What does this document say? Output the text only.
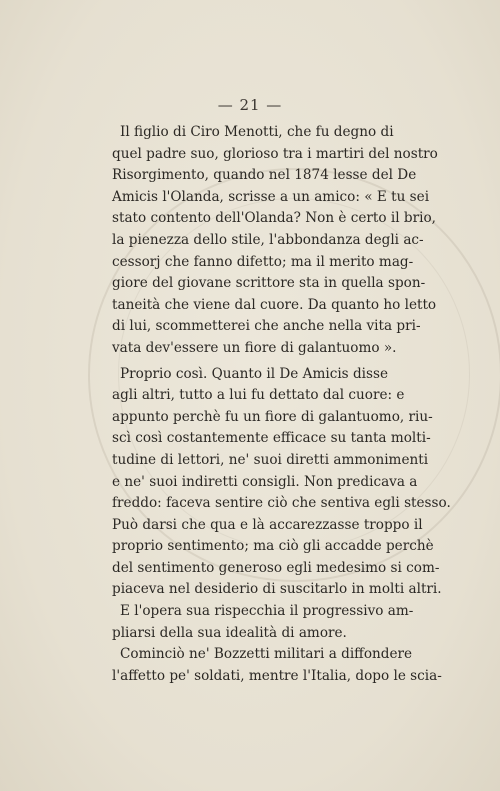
— 21 —
Il figlio di Ciro Menotti, che fu degno di
quel padre suo, glorioso tra i martiri del nostro
Risorgimento, quando nel 1874 lesse del De
Amicis l'Olanda, scrisse a un amico: « E tu sei
stato contento dell'Olanda? Non è certo il brio,
la pienezza dello stile, l'abbondanza degli ac-
cessorj che fanno difetto; ma il merito mag-
giore del giovane scrittore sta in quella spon-
taneità che viene dal cuore. Da quanto ho letto
di lui, scommetterei che anche nella vita pri-
vata dev'essere un fiore di galantuomo ».
Proprio così. Quanto il De Amicis disse
agli altri, tutto a lui fu dettato dal cuore: e
appunto perchè fu un fiore di galantuomo, riu-
scì così costantemente efficace su tanta molti-
tudine di lettori, ne' suoi diretti ammonimenti
e ne' suoi indiretti consigli. Non predicava a
freddo: faceva sentire ciò che sentiva egli stesso.
Può darsi che qua e là accarezzasse troppo il
proprio sentimento; ma ciò gli accadde perchè
del sentimento generoso egli medesimo si com-
piaceva nel desiderio di suscitarlo in molti altri.
E l'opera sua rispecchia il progressivo am-
pliarsi della sua idealità di amore.
Cominciò ne' Bozzetti militari a diffondere
l'affetto pe' soldati, mentre l'Italia, dopo le scia-
